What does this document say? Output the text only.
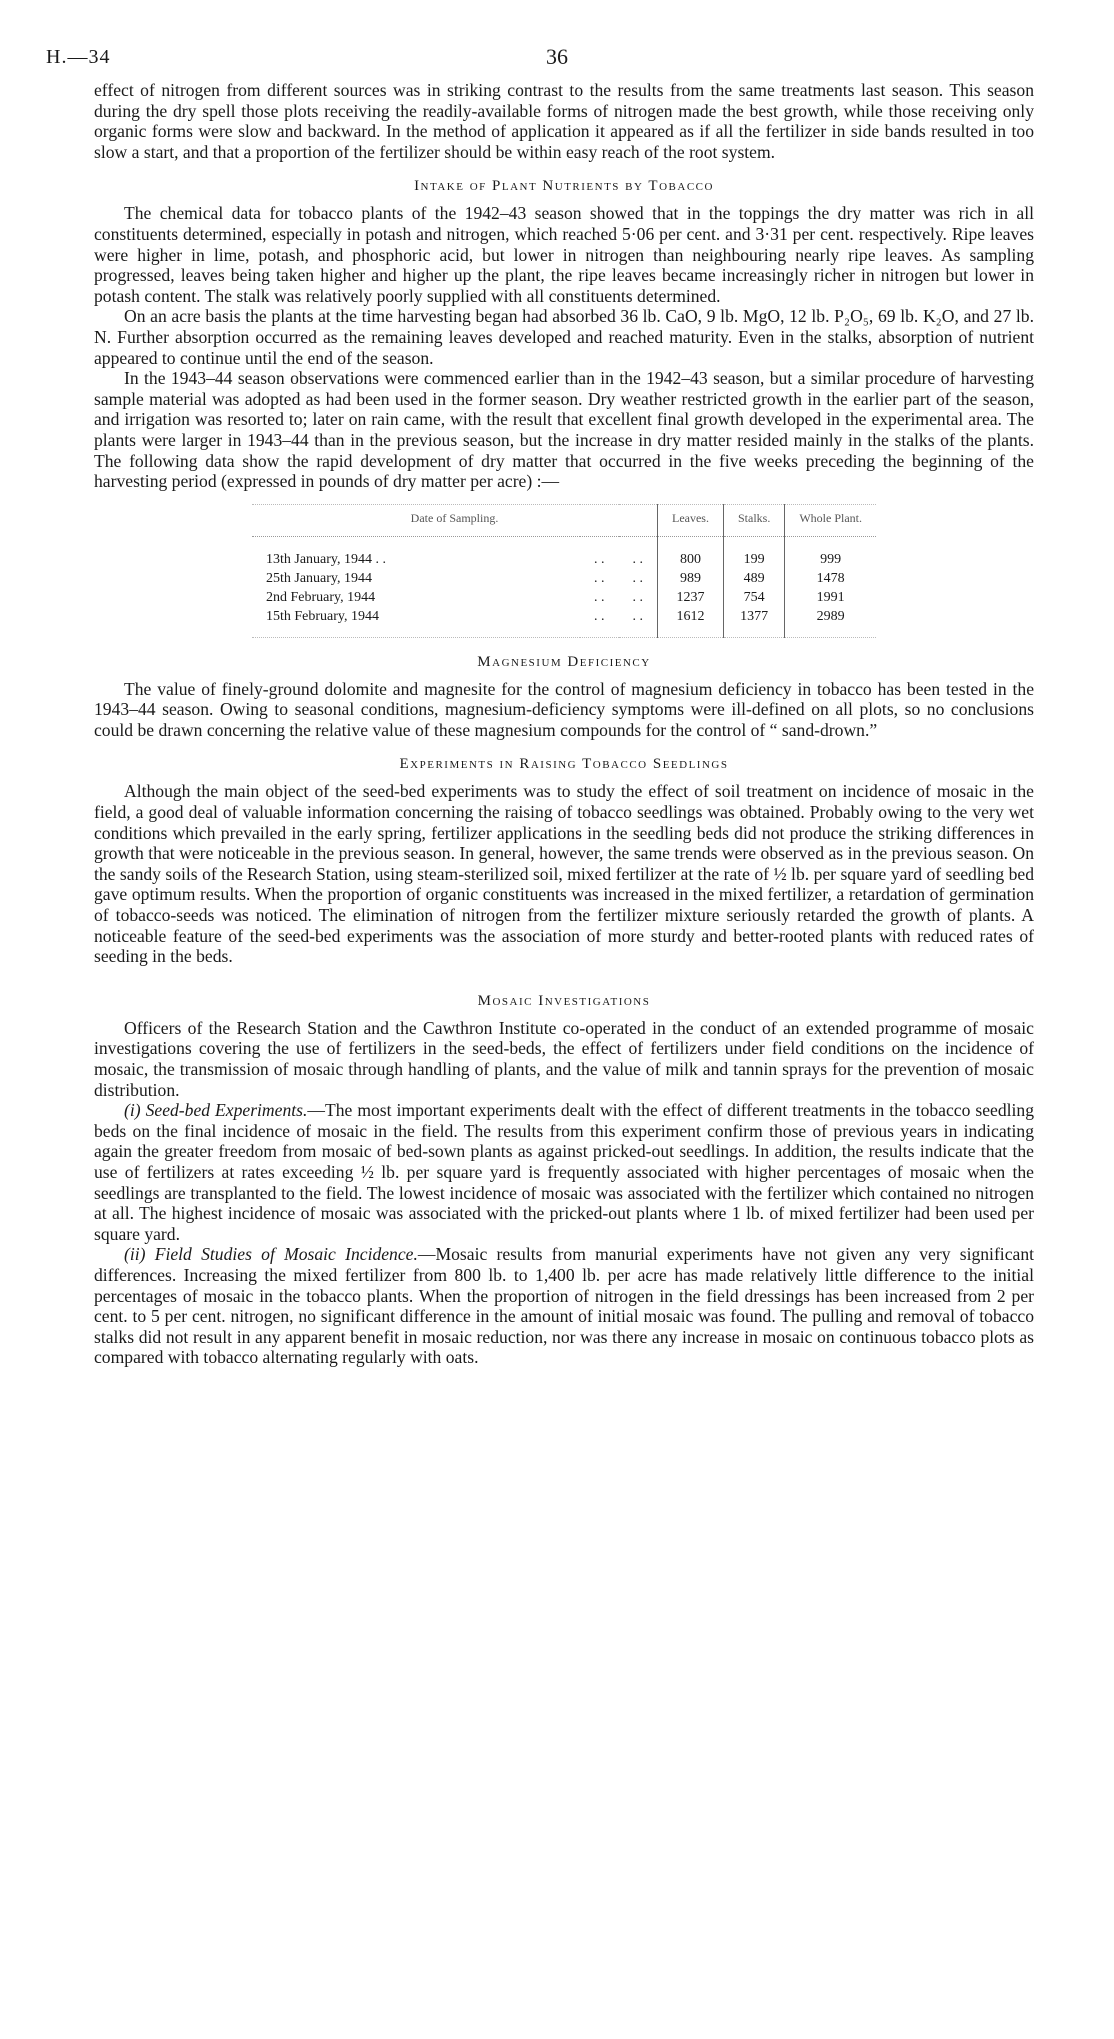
H.—34	36

effect of nitrogen from different sources was in striking contrast to the results from the same treatments last season. This season during the dry spell those plots receiving the readily-available forms of nitrogen made the best growth, while those receiving only organic forms were slow and backward. In the method of application it appeared as if all the fertilizer in side bands resulted in too slow a start, and that a proportion of the fertilizer should be within easy reach of the root system.

Intake of Plant Nutrients by Tobacco

The chemical data for tobacco plants of the 1942–43 season showed that in the toppings the dry matter was rich in all constituents determined, especially in potash and nitrogen, which reached 5·06 per cent. and 3·31 per cent. respectively. Ripe leaves were higher in lime, potash, and phosphoric acid, but lower in nitrogen than neighbouring nearly ripe leaves. As sampling progressed, leaves being taken higher and higher up the plant, the ripe leaves became increasingly richer in nitrogen but lower in potash content. The stalk was relatively poorly supplied with all constituents determined.

On an acre basis the plants at the time harvesting began had absorbed 36 lb. CaO, 9 lb. MgO, 12 lb. P₂O₅, 69 lb. K₂O, and 27 lb. N. Further absorption occurred as the remaining leaves developed and reached maturity. Even in the stalks, absorption of nutrient appeared to continue until the end of the season.

In the 1943–44 season observations were commenced earlier than in the 1942–43 season, but a similar procedure of harvesting sample material was adopted as had been used in the former season. Dry weather restricted growth in the earlier part of the season, and irrigation was resorted to; later on rain came, with the result that excellent final growth developed in the experimental area. The plants were larger in 1943–44 than in the previous season, but the increase in dry matter resided mainly in the stalks of the plants. The following data show the rapid development of dry matter that occurred in the five weeks preceding the beginning of the harvesting period (expressed in pounds of dry matter per acre) :—

Date of Sampling.			Leaves.	Stalks.	Whole Plant.
13th January, 1944 . .	. .	. .	800	199	999
25th January, 1944	. .	. .	989	489	1478
2nd February, 1944	. .	. .	1237	754	1991
15th February, 1944	. .	. .	1612	1377	2989
Magnesium Deficiency

The value of finely-ground dolomite and magnesite for the control of magnesium deficiency in tobacco has been tested in the 1943–44 season. Owing to seasonal conditions, magnesium-deficiency symptoms were ill-defined on all plots, so no conclusions could be drawn concerning the relative value of these magnesium compounds for the control of “ sand-drown.”

Experiments in Raising Tobacco Seedlings

Although the main object of the seed-bed experiments was to study the effect of soil treatment on incidence of mosaic in the field, a good deal of valuable information concerning the raising of tobacco seedlings was obtained. Probably owing to the very wet conditions which prevailed in the early spring, fertilizer applications in the seedling beds did not produce the striking differences in growth that were noticeable in the previous season. In general, however, the same trends were observed as in the previous season. On the sandy soils of the Research Station, using steam-sterilized soil, mixed fertilizer at the rate of ½ lb. per square yard of seedling bed gave optimum results. When the proportion of organic constituents was increased in the mixed fertilizer, a retardation of germination of tobacco-seeds was noticed. The elimination of nitrogen from the fertilizer mixture seriously retarded the growth of plants. A noticeable feature of the seed-bed experiments was the association of more sturdy and better-rooted plants with reduced rates of seeding in the beds.

Mosaic Investigations

Officers of the Research Station and the Cawthron Institute co-operated in the conduct of an extended programme of mosaic investigations covering the use of fertilizers in the seed-beds, the effect of fertilizers under field conditions on the incidence of mosaic, the transmission of mosaic through handling of plants, and the value of milk and tannin sprays for the prevention of mosaic distribution.

(i) Seed-bed Experiments.—The most important experiments dealt with the effect of different treatments in the tobacco seedling beds on the final incidence of mosaic in the field. The results from this experiment confirm those of previous years in indicating again the greater freedom from mosaic of bed-sown plants as against pricked-out seedlings. In addition, the results indicate that the use of fertilizers at rates exceeding ½ lb. per square yard is frequently associated with higher percentages of mosaic when the seedlings are transplanted to the field. The lowest incidence of mosaic was associated with the fertilizer which contained no nitrogen at all. The highest incidence of mosaic was associated with the pricked-out plants where 1 lb. of mixed fertilizer had been used per square yard.

(ii) Field Studies of Mosaic Incidence.—Mosaic results from manurial experiments have not given any very significant differences. Increasing the mixed fertilizer from 800 lb. to 1,400 lb. per acre has made relatively little difference to the initial percentages of mosaic in the tobacco plants. When the proportion of nitrogen in the field dressings has been increased from 2 per cent. to 5 per cent. nitrogen, no significant difference in the amount of initial mosaic was found. The pulling and removal of tobacco stalks did not result in any apparent benefit in mosaic reduction, nor was there any increase in mosaic on continuous tobacco plots as compared with tobacco alternating regularly with oats.
